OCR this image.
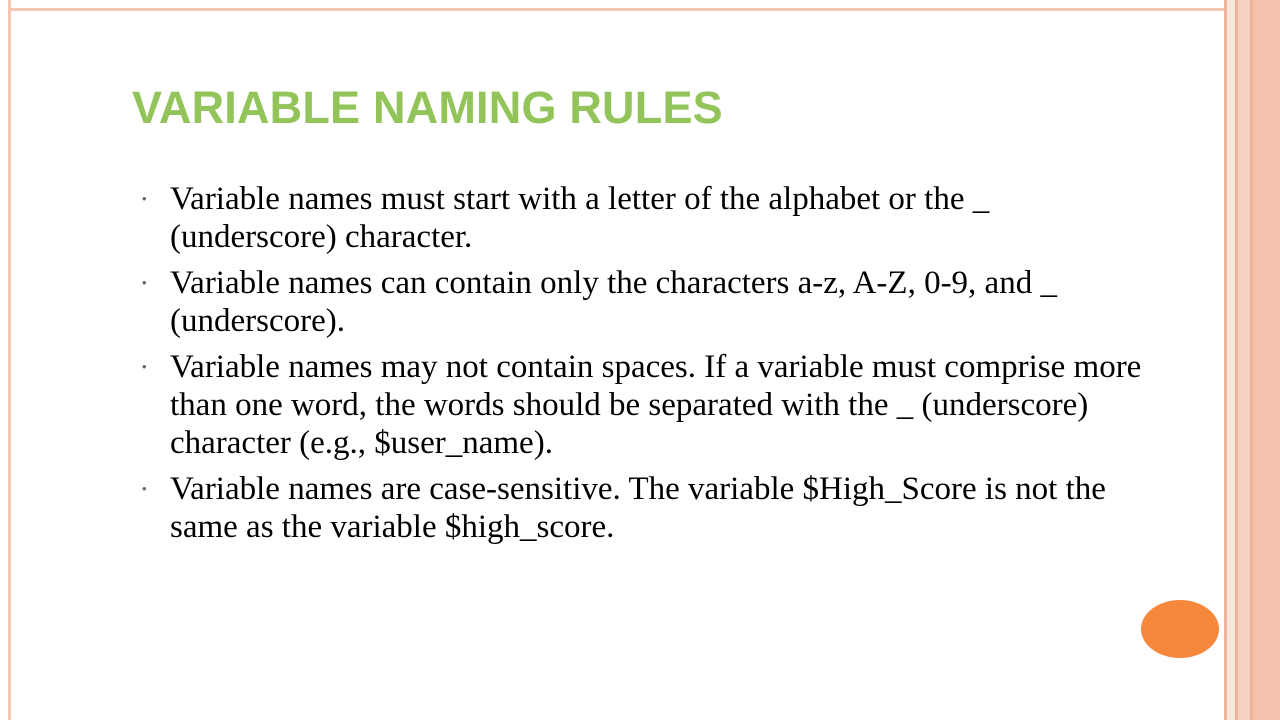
VARIABLE NAMING RULES
• Variable names must start with a letter of the alphabet or the _ (underscore) character.
• Variable names can contain only the characters a-z, A-Z, 0-9, and _ (underscore).
• Variable names may not contain spaces. If a variable must comprise more than one word, the words should be separated with the _ (underscore) character (e.g., $user_name).
• Variable names are case-sensitive. The variable $High_Score is not the same as the variable $high_score.
